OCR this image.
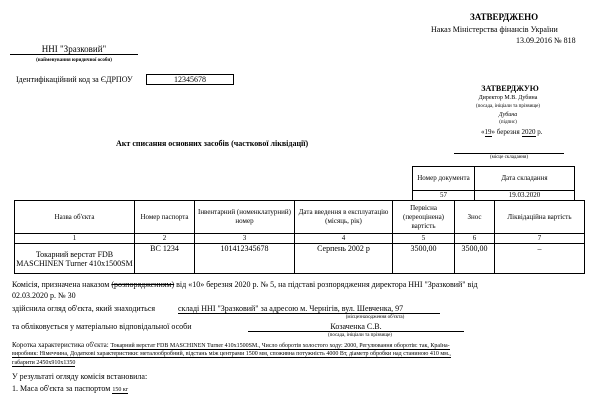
ЗАТВЕРДЖЕНО
Наказ Міністерства фінансів України
13.09.2016 № 818
ННІ "Зразковий"
(найменування юридичної особи)
Ідентифікаційний код за ЄДРПОУ	12345678
ЗАТВЕРДЖУЮ
Директор М.В. Дубина
(посада, ініціали та прізвище)
Дубина
(підпис)
«19» березня 2020 р.
Акт списання основних засобів (часткової ліквідації)
(місце складання)
Номер документа	Дата складання
57	19.03.2020
Назва об'єкта	Номер паспорта	Інвентарний (номенклатурний) номер	Дата введення в експлуатацію (місяць, рік)	Первісна (переоцінена) вартість	Знос	Ліквідаційна вартість
1	2	3	4	5	6	7
Токарний верстат FDB MASCHINEN Turner 410x1500SM	ВС 1234	101412345678	Серпень 2002 р	3500,00	3500,00	–
Комісія, призначена наказом (розпорядженням) від «10» березня 2020 р. № 5, на підставі розпорядження директора ННІ "Зразковий" від
02.03.2020 р. № 30
здійснила огляд об'єкта, який знаходиться	складі ННІ "Зразковий" за адресою м. Чернігів, вул. Шевченка, 97
(місцезнаходження об'єкта)
та обліковується у матеріально відповідальної особи	Козаченка С.В.
(посада, ініціали та прізвище)
Коротка характеристика об'єкта: Токарний верстат FDB MASCHINEN Turner 410x1500SM., Число оборотів холостого ходу: 2000, Регулювання оборотів: так, Країна-
виробник: Німеччина, Додаткові характеристики: металообробний, відстань між центрами 1500 мм, споживна потужність 4000 Вт, діаметр обробки над станиною 410 мм.,
габарити 2450х910х1350
У результаті огляду комісія встановила:
1. Маса об'єкта за паспортом 150 кг
